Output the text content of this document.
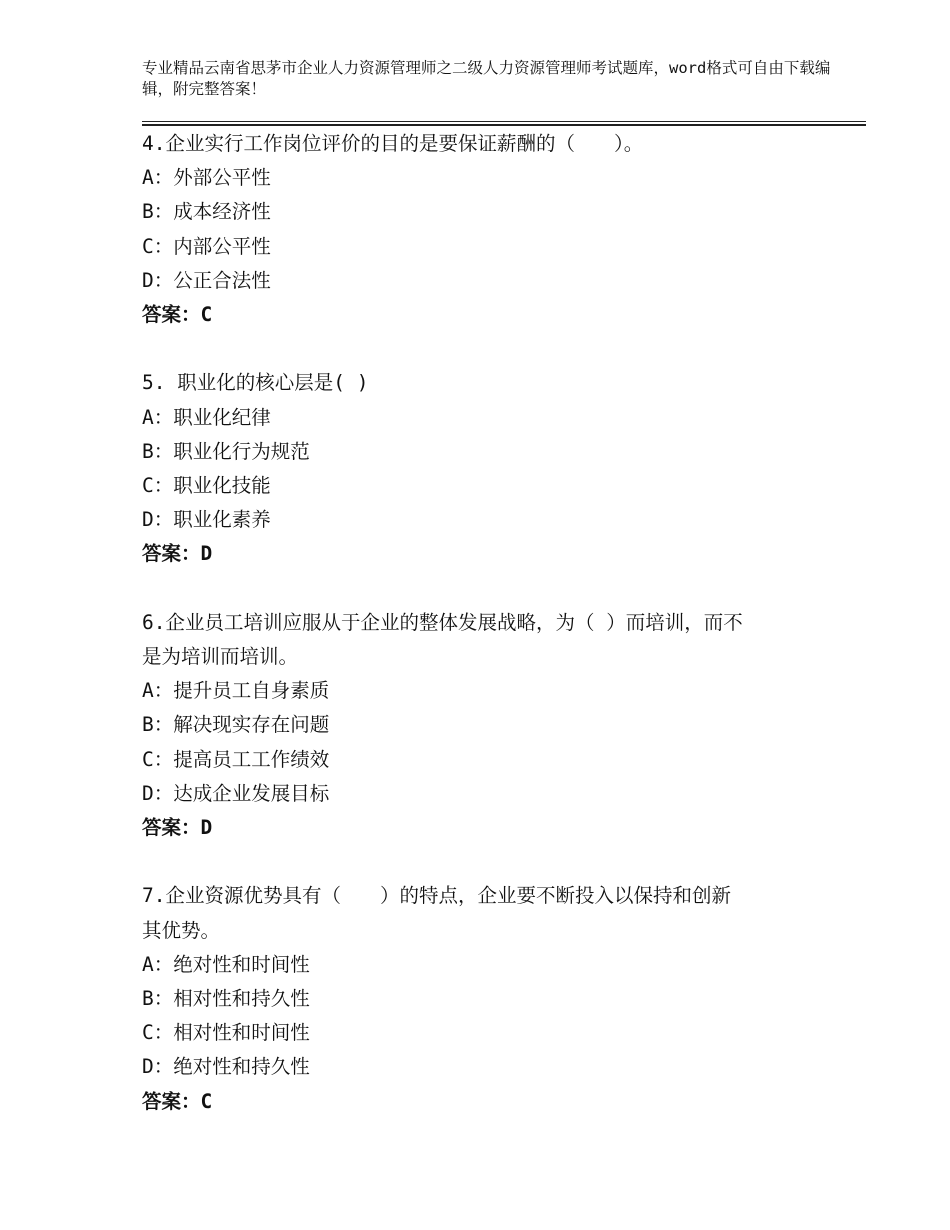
专业精品云南省思茅市企业人力资源管理师之二级人力资源管理师考试题库，word格式可自由下载编辑，附完整答案！
4.企业实行工作岗位评价的目的是要保证薪酬的（　　）。
A：外部公平性
B：成本经济性
C：内部公平性
D：公正合法性
答案：C
5. 职业化的核心层是( )
A：职业化纪律
B：职业化行为规范
C：职业化技能
D：职业化素养
答案：D
6.企业员工培训应服从于企业的整体发展战略，为（ ）而培训，而不
是为培训而培训。
A：提升员工自身素质
B：解决现实存在问题
C：提高员工工作绩效
D：达成企业发展目标
答案：D
7.企业资源优势具有（　　）的特点，企业要不断投入以保持和创新
其优势。
A：绝对性和时间性
B：相对性和持久性
C：相对性和时间性
D：绝对性和持久性
答案：C
